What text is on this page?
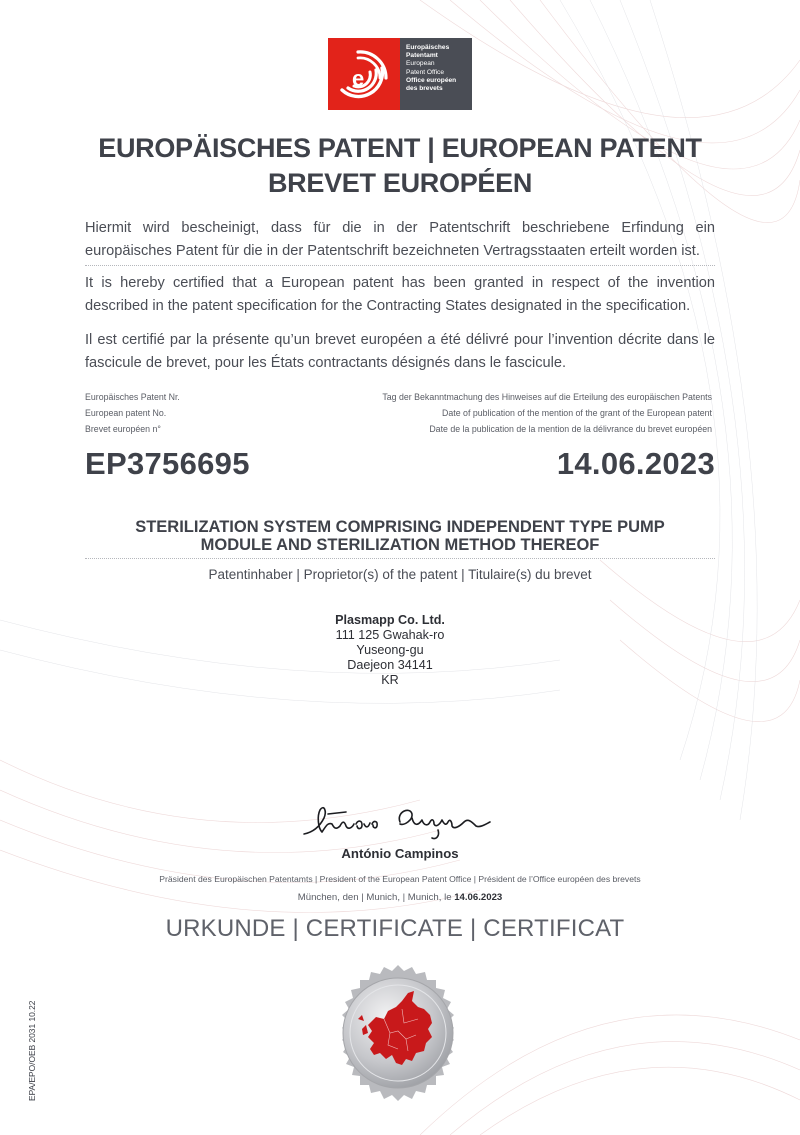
e
Europäisches
Patentamt
European
Patent Office
Office européen
des brevets
EUROPÄISCHES PATENT | EUROPEAN PATENT
BREVET EUROPÉEN
Hiermit wird bescheinigt, dass für die in der Patentschrift beschriebene Erfindung ein europäisches Patent für die in der Patentschrift bezeichneten Vertragsstaaten erteilt worden ist.
It is hereby certified that a European patent has been granted in respect of the invention described in the patent specification for the Contracting States designated in the specification.
Il est certifié par la présente qu’un brevet européen a été délivré pour l’invention décrite dans le fascicule de brevet, pour les États contractants désignés dans le fascicule.
Europäisches Patent Nr.
European patent No.
Brevet européen n°
Tag der Bekanntmachung des Hinweises auf die Erteilung des europäischen Patents
Date of publication of the mention of the grant of the European patent
Date de la publication de la mention de la délivrance du brevet européen
EP3756695	14.06.2023
STERILIZATION SYSTEM COMPRISING INDEPENDENT TYPE PUMP
MODULE AND STERILIZATION METHOD THEREOF
Patentinhaber | Proprietor(s) of the patent | Titulaire(s) du brevet
Plasmapp Co. Ltd.
111 125 Gwahak-ro
Yuseong-gu
Daejeon 34141
KR
António Campinos
Präsident des Europäischen Patentamts | President of the European Patent Office | Président de l’Office européen des brevets
München, den | Munich, | Munich, le 14.06.2023
URKUNDE | CERTIFICATE | CERTIFICAT
EPA/EPO/OEB 2031 10.22
